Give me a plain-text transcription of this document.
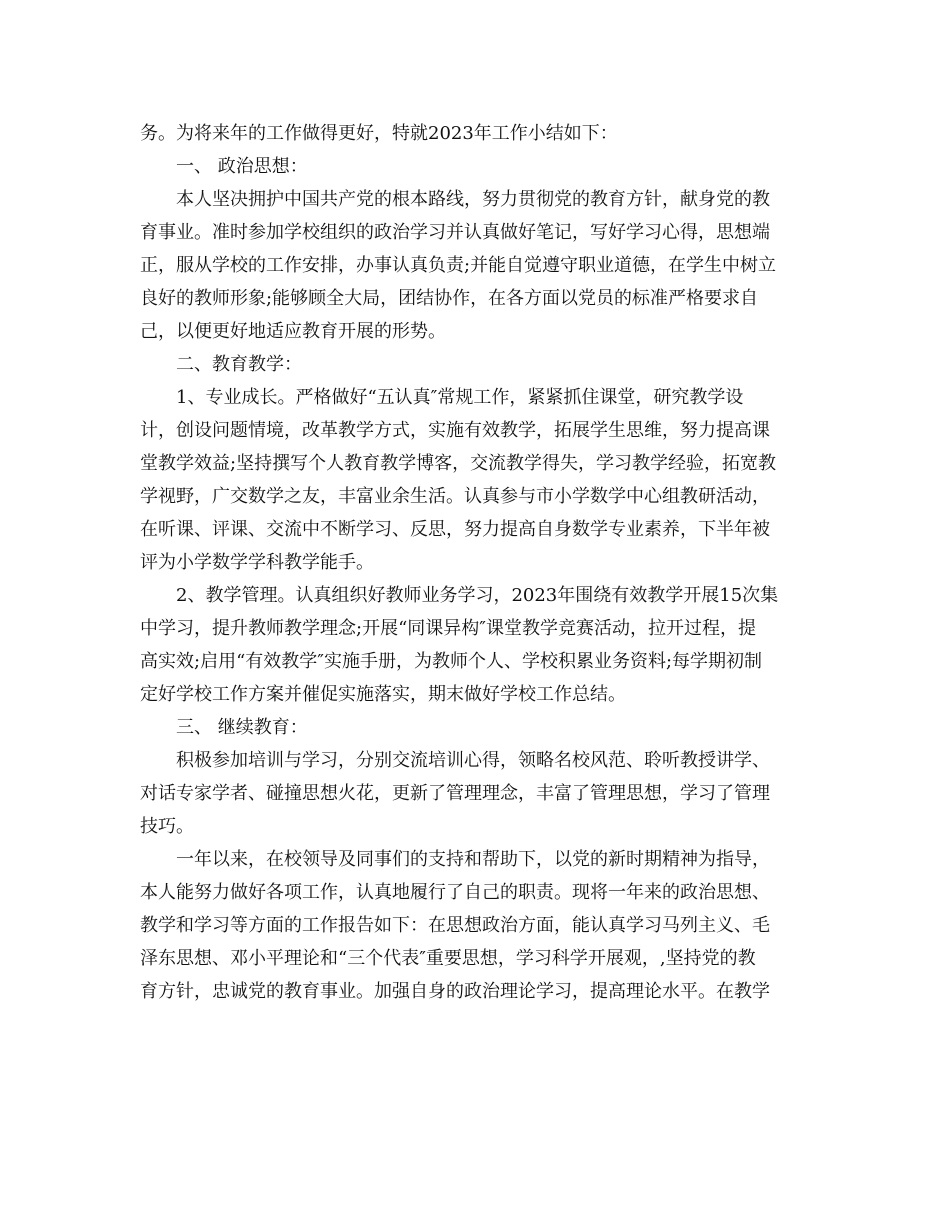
务。为将来年的工作做得更好，特就2023年工作小结如下：
一、 政治思想：
本人坚决拥护中国共产党的根本路线，努力贯彻党的教育方针，献身党的教
育事业。准时参加学校组织的政治学习并认真做好笔记，写好学习心得，思想端
正，服从学校的工作安排，办事认真负责;并能自觉遵守职业道德，在学生中树立
良好的教师形象;能够顾全大局，团结协作，在各方面以党员的标准严格要求自
己，以便更好地适应教育开展的形势。
二、教育教学：
1、专业成长。严格做好“五认真″常规工作，紧紧抓住课堂，研究教学设
计，创设问题情境，改革教学方式，实施有效教学，拓展学生思维，努力提高课
堂教学效益;坚持撰写个人教育教学博客，交流教学得失，学习教学经验，拓宽教
学视野，广交数学之友，丰富业余生活。认真参与市小学数学中心组教研活动，
在听课、评课、交流中不断学习、反思，努力提高自身数学专业素养，下半年被
评为小学数学学科教学能手。
2、教学管理。认真组织好教师业务学习，2023年围绕有效教学开展15次集
中学习，提升教师教学理念;开展“同课异构″课堂教学竞赛活动，拉开过程，提
高实效;启用“有效教学″实施手册，为教师个人、学校积累业务资料;每学期初制
定好学校工作方案并催促实施落实，期末做好学校工作总结。
三、 继续教育：
积极参加培训与学习，分别交流培训心得，领略名校风范、聆听教授讲学、
对话专家学者、碰撞思想火花，更新了管理理念，丰富了管理思想，学习了管理
技巧。
一年以来，在校领导及同事们的支持和帮助下，以党的新时期精神为指导，
本人能努力做好各项工作，认真地履行了自己的职责。现将一年来的政治思想、
教学和学习等方面的工作报告如下：在思想政治方面，能认真学习马列主义、毛
泽东思想、邓小平理论和“三个代表″重要思想，学习科学开展观，,坚持党的教
育方针，忠诚党的教育事业。加强自身的政治理论学习，提高理论水平。在教学
